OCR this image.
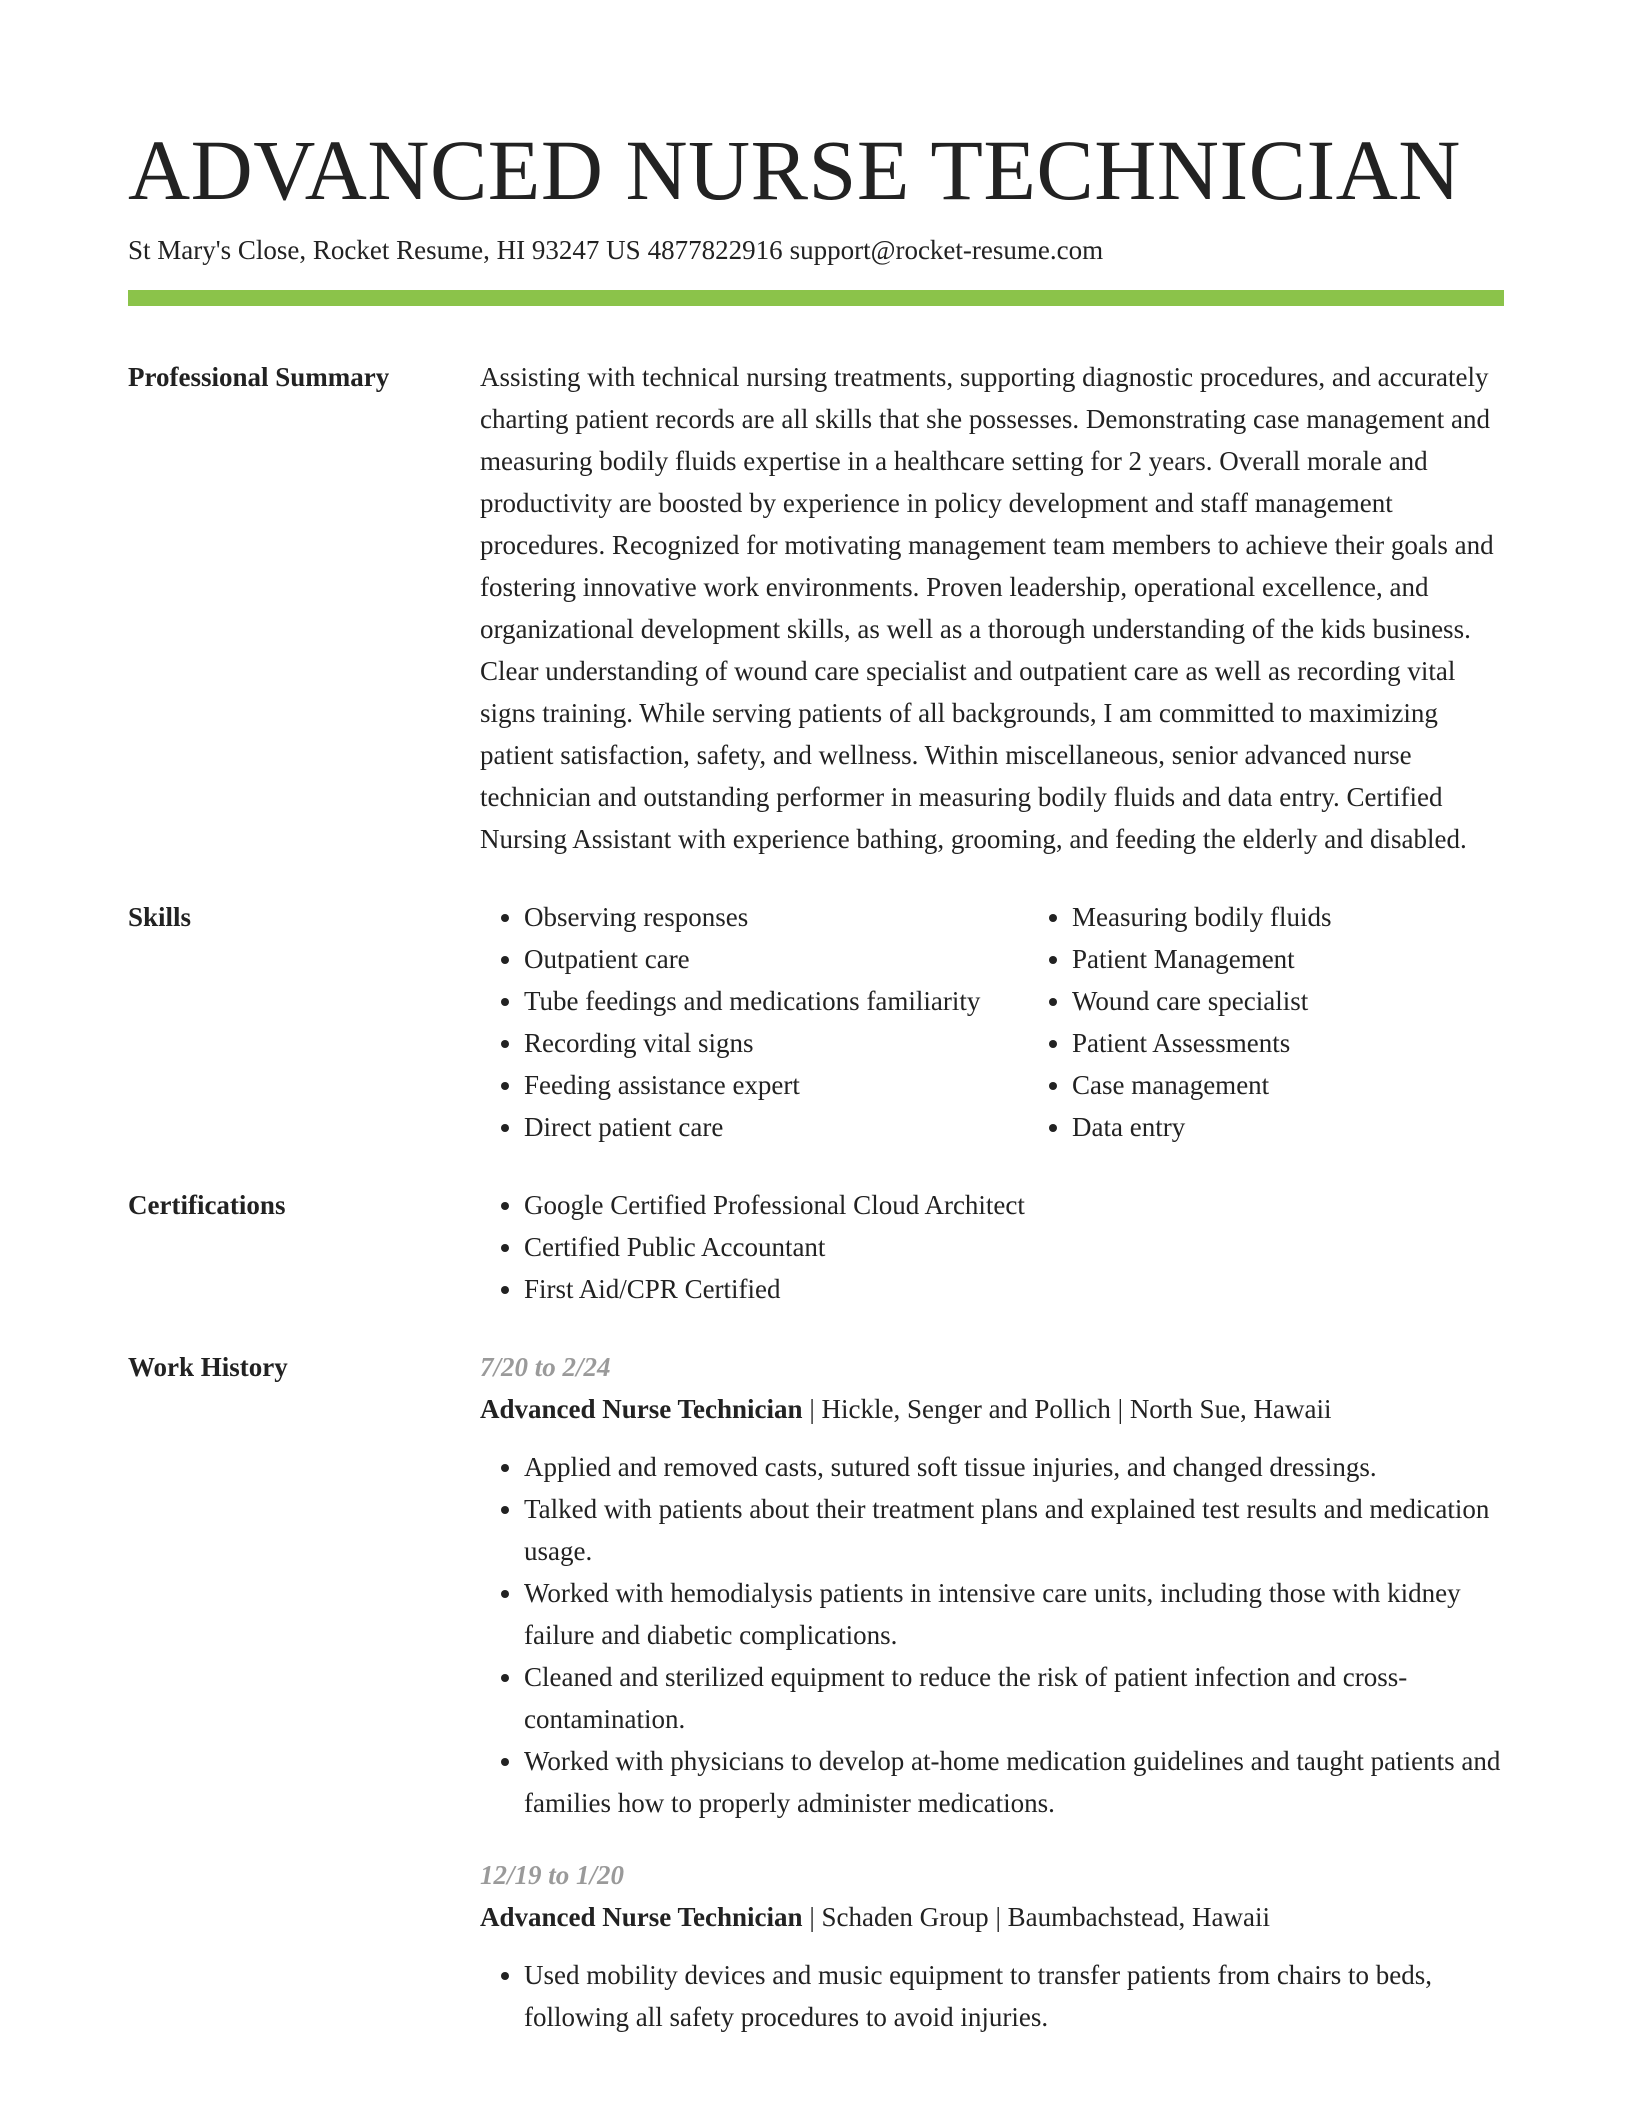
ADVANCED NURSE TECHNICIAN
St Mary's Close, Rocket Resume, HI 93247 US 4877822916 support@rocket-resume.com
Professional Summary	Assisting with technical nursing treatments, supporting diagnostic procedures, and accurately charting patient records are all skills that she possesses. Demonstrating case management and measuring bodily fluids expertise in a healthcare setting for 2 years. Overall morale and productivity are boosted by experience in policy development and staff management procedures. Recognized for motivating management team members to achieve their goals and fostering innovative work environments. Proven leadership, operational excellence, and organizational development skills, as well as a thorough understanding of the kids business. Clear understanding of wound care specialist and outpatient care as well as recording vital signs training. While serving patients of all backgrounds, I am committed to maximizing patient satisfaction, safety, and wellness. Within miscellaneous, senior advanced nurse technician and outstanding performer in measuring bodily fluids and data entry. Certified Nursing Assistant with experience bathing, grooming, and feeding the elderly and disabled.

Skills	• Observing responses
• Outpatient care
• Tube feedings and medications familiarity
• Recording vital signs
• Feeding assistance expert
• Direct patient care
• Measuring bodily fluids
• Patient Management
• Wound care specialist
• Patient Assessments
• Case management
• Data entry
Certifications	• Google Certified Professional Cloud Architect
• Certified Public Accountant
• First Aid/CPR Certified
Work History	7/20 to 2/24
Advanced Nurse Technician | Hickle, Senger and Pollich | North Sue, Hawaii
• Applied and removed casts, sutured soft tissue injuries, and changed dressings.
• Talked with patients about their treatment plans and explained test results and medication usage.
• Worked with hemodialysis patients in intensive care units, including those with kidney failure and diabetic complications.
• Cleaned and sterilized equipment to reduce the risk of patient infection and cross-contamination.
• Worked with physicians to develop at-home medication guidelines and taught patients and families how to properly administer medications.
12/19 to 1/20
Advanced Nurse Technician | Schaden Group | Baumbachstead, Hawaii
• Used mobility devices and music equipment to transfer patients from chairs to beds, following all safety procedures to avoid injuries.
